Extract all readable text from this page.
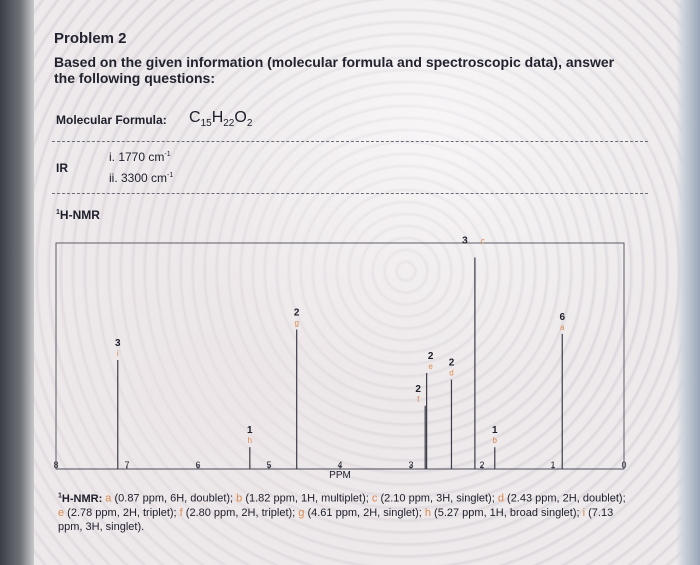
Problem 2
Based on the given information (molecular formula and spectroscopic data), answer the following questions:
Molecular Formula: $C_{15}H_{22}O_2$
IR
i. 1770 $cm^{-1}$
ii. 3300 $cm^{-1}$
$^1$H-NMR
8	7	6	5	4	3	2	1	0
3
i
1
h
2
g
2
f
2
e 2
d
3 c
1
b
6
a
PPM
$^1$H-NMR: a (0.87 ppm, 6H, doublet); b (1.82 ppm, 1H, multiplet); c (2.10 ppm, 3H, singlet); d (2.43 ppm, 2H, doublet); e (2.78 ppm, 2H, triplet); f (2.80 ppm, 2H, triplet); g (4.61 ppm, 2H, singlet); h (5.27 ppm, 1H, broad singlet); i (7.13 ppm, 3H, singlet).
